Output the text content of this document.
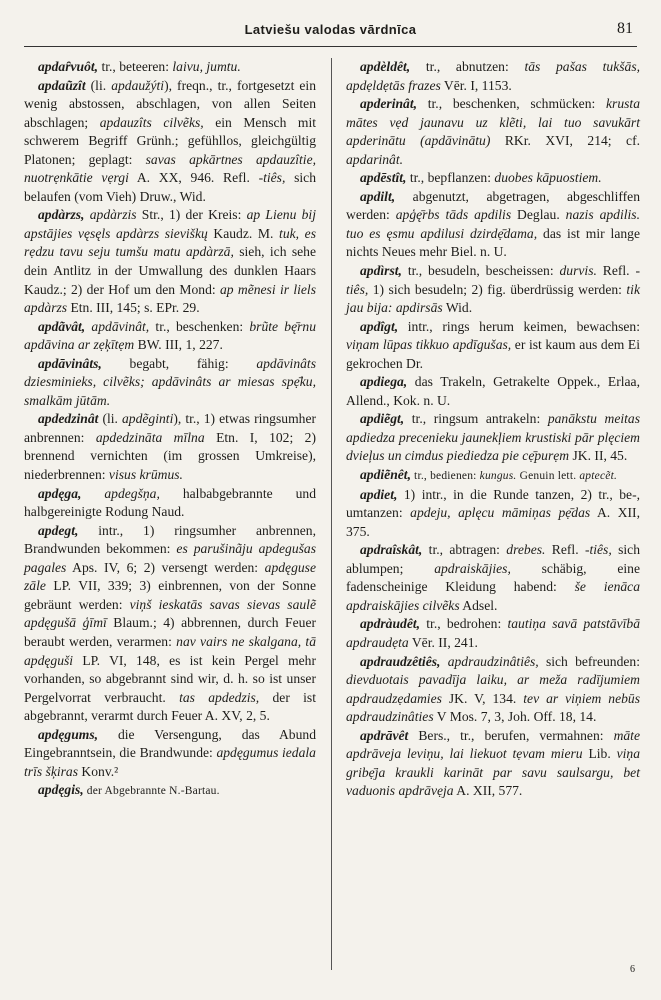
Latviešu valodas vārdnīca	81

apdaȓvuôt, tr., beteeren: laivu, jumtu.

apdaũzît (li. apdaužýti), freqn., tr., fortgesetzt ein wenig abstossen, abschlagen, von allen Seiten abschlagen; apdauzîts cilvẽks, ein Mensch mit schwerem Begriff Grünh.; gefühllos, gleichgültig Platonen; geplagt: savas apkārtnes apdauzîtie, nuotrẹnkātie vẹrgi A. XX, 946. Refl. -tiês, sich belaufen (vom Vieh) Druw., Wid.

apdàrzs, apdàrzis Str., 1) der Kreis: ap Lienu bij apstājies vęsęls apdàrzs sieviškų Kaudz. M. tuk, es rẹdzu tavu seju tumšu matu apdàrzā, sieh, ich sehe dein Antlitz in der Umwallung des dunklen Haars Kaudz.; 2) der Hof um den Mond: ap mẽnesi ir liels apdàrzs Etn. III, 145; s. EPr. 29.

apdãvât, apdāvinât, tr., beschenken: brũte bę̄rnu apdāvina ar zẹķītẹm BW. III, 1, 227.

apdāvinâts, begabt, fähig: apdāvinâts dziesminieks, cilvẽks; apdāvinâts ar miesas spẹ̄ku, smalkām jūtām.

apdedzinât (li. apdẽginti), tr., 1) etwas ringsumher anbrennen: apdedzināta mīlna Etn. I, 102; 2) brennend vernichten (im grossen Umkreise), niederbrennen: visus krūmus.

apdęga, apdegšņa, halbabgebrannte und halbgereinigte Rodung Naud.

apdegt, intr., 1) ringsumher anbrennen, Brandwunden bekommen: es parušinãju apdegušas pagales Aps. IV, 6; 2) versengt werden: apdęguse zāle LP. VII, 339; 3) einbrennen, von der Sonne gebräunt werden: viņš ieskatās savas sievas saulẽ apdęgušā ģīmī Blaum.; 4) abbrennen, durch Feuer beraubt werden, verarmen: nav vairs ne skalgana, tā apdęguši LP. VI, 148, es ist kein Pergel mehr vorhanden, so abgebrannt sind wir, d. h. so ist unser Pergelvorrat verbraucht. tas apdedzis, der ist abgebrannt, verarmt durch Feuer A. XV, 2, 5.

apdęgums, die Versengung, das Abund Eingebranntsein, die Brandwunde: apdęgumus iedala trīs šķiras Konv.²

apdęgis, der Abgebrannte N.-Bartau.

apdèldêt, tr., abnutzen: tās pašas tukšās, apdẹldẹtās frazes Vēr. I, 1153.

apderinât, tr., beschenken, schmücken: krusta mātes vẹd jaunavu uz klẽti, lai tuo savukārt apderinātu (apdāvinātu) RKr. XVI, 214; cf. apdarinât.

apdēstît, tr., bepflanzen: duobes kāpuostiem.

apdilt, abgenutzt, abgetragen, abgeschliffen werden: apģę̄rbs tāds apdilis Deglau. nazis apdilis. tuo es ęsmu apdilusi dzirdẹ̄dama, das ist mir lange nichts Neues mehr Biel. n. U.

apdìrst, tr., besudeln, bescheissen: durvis. Refl. -tiês, 1) sich besudeln; 2) fig. überdrüssig werden: tik jau bija: apdirsās Wid.

apdîgt, intr., rings herum keimen, bewachsen: viņam lūpas tikkuo apdīgušas, er ist kaum aus dem Ei gekrochen Dr.

apdiega, das Trakeln, Getrakelte Oppek., Erlaa, Allend., Kok. n. U.

apdiẽgt, tr., ringsum antrakeln: panākstu meitas apdiedza precenieku jaunekļiem krustiski pār plęciem dvieļus un cimdus piediedza pie cẹ̄purẹm JK. II, 45.

apdiẽnêt, tr., bedienen: kungus. Genuin lett. aptecẽt.

apdiet, 1) intr., in die Runde tanzen, 2) tr., be-, umtanzen: apdeju, aplęcu māmiņas pẹ̄das A. XII, 375.

apdraîskât, tr., abtragen: drebes. Refl. -tiês, sich ablumpen; apdraiskājies, schäbig, eine fadenscheinige Kleidung habend: še ienāca apdraiskājies cilvẽks Adsel.

apdràudêt, tr., bedrohen: tautiņa savā patstāvībā apdraudẹta Vēr. II, 241.

apdraudzêtiês, apdraudzinâtiês, sich befreunden: dievduotais pavadīja laiku, ar meža radījumiem apdraudzẹdamies JK. V, 134. tev ar viņiem nebūs apdraudzinâties V Mos. 7, 3, Joh. Off. 18, 14.

apdrāvêt Bers., tr., berufen, vermahnen: māte apdrāveja leviņu, lai liekuot tẹvam mieru Lib. viņa gribẹ̄ja kraukli karināt par savu saulsargu, bet vaduonis apdrāvẹja A. XII, 577.

6
